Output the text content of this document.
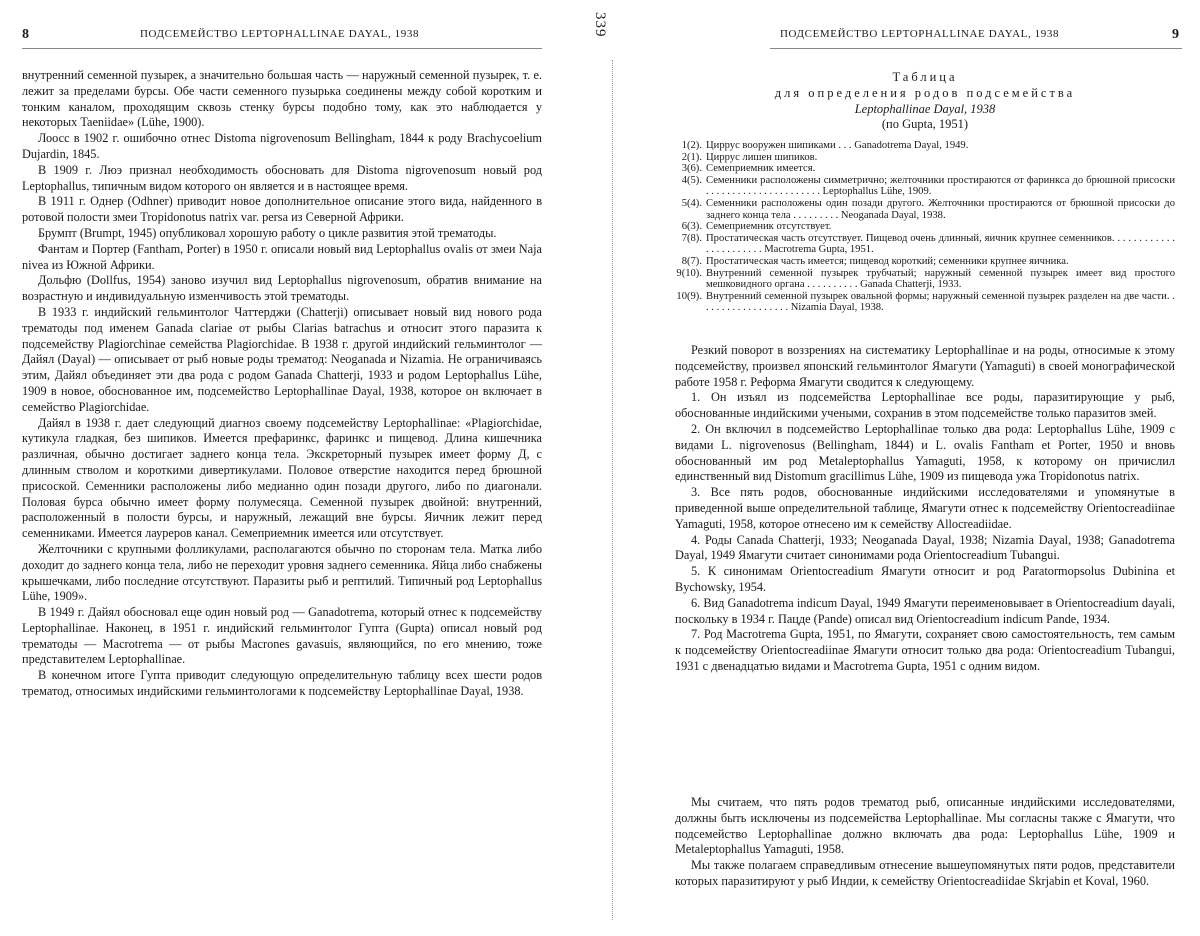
8	ПОДСЕМЕЙСТВО LEPTOPHALLINAE DAYAL, 1938

внутренний семенной пузырек, а значительно большая часть — наружный семенной пузырек, т. е. лежит за пределами бурсы. Обе части семенного пузырька соединены между собой коротким и тонким каналом, проходящим сквозь стенку бурсы подобно тому, как это наблюдается у некоторых Taeniidae» (Lühe, 1900).

Лоосс в 1902 г. ошибочно отнес Distoma nigrovenosum Bellingham, 1844 к роду Brachycoelium Dujardin, 1845.

В 1909 г. Люэ признал необходимость обосновать для Distoma nigrovenosum новый род Leptophallus, типичным видом которого он является и в настоящее время.

В 1911 г. Однер (Odhner) приводит новое дополнительное описание этого вида, найденного в ротовой полости змеи Tropidonotus natrix var. persa из Северной Африки.

Брумпт (Brumpt, 1945) опубликовал хорошую работу о цикле развития этой трематоды.

Фантам и Портер (Fantham, Porter) в 1950 г. описали новый вид Leptophallus ovalis от змеи Naja nivea из Южной Африки.

Дольфю (Dollfus, 1954) заново изучил вид Leptophallus nigrovenosum, обратив внимание на возрастную и индивидуальную изменчивость этой трематоды.

В 1933 г. индийский гельминтолог Чаттерджи (Chatterji) описывает новый вид нового рода трематоды под именем Ganada clariae от рыбы Clarias batrachus и относит этого паразита к подсемейству Plagiorchinae семейства Plagiorchidae. В 1938 г. другой индийский гельминтолог — Дайял (Dayal) — описывает от рыб новые роды трематод: Neoganada и Nizamia. Не ограничиваясь этим, Дайял объединяет эти два рода с родом Ganada Chatterji, 1933 и родом Leptophallus Lühe, 1909 в новое, обоснованное им, подсемейство Leptophallinae Dayal, 1938, которое он включает в семейство Plagiorchidae.

Дайял в 1938 г. дает следующий диагноз своему подсемейству Leptophallinae: «Plagiorchidae, кутикула гладкая, без шипиков. Имеется префаринкс, фаринкс и пищевод. Длина кишечника различная, обычно достигает заднего конца тела. Экскреторный пузырек имеет форму Д, с длинным стволом и короткими дивертикулами. Половое отверстие находится перед брюшной присоской. Семенники расположены либо медианно один позади другого, либо по диагонали. Половая бурса обычно имеет форму полумесяца. Семенной пузырек двойной: внутренний, расположенный в полости бурсы, и наружный, лежащий вне бурсы. Яичник лежит перед семенниками. Имеется лауреров канал. Семеприемник имеется или отсутствует.

Желточники с крупными фолликулами, располагаются обычно по сторонам тела. Матка либо доходит до заднего конца тела, либо не переходит уровня заднего семенника. Яйца либо снабжены крышечками, либо последние отсутствуют. Паразиты рыб и рептилий. Типичный род Leptophallus Lühe, 1909».

В 1949 г. Дайял обосновал еще один новый род — Ganadotrema, который отнес к подсемейству Leptophallinae. Наконец, в 1951 г. индийский гельминтолог Гупта (Gupta) описал новый род трематоды — Macrotrema — от рыбы Macrones gavasuis, являющийся, по его мнению, тоже представителем Leptophallinae.

В конечном итоге Гупта приводит следующую определительную таблицу всех шести родов трематод, относимых индийскими гельминтологами к подсемейству Leptophallinae Dayal, 1938.

339	ПОДСЕМЕЙСТВО LEPTOPHALLINAE DAYAL, 1938	9
Таблица
для определения родов подсемейства
Leptophallinae Dayal, 1938
(по Gupta, 1951)
1(2). Циррус вооружен шипиками . . . Ganadotrema Dayal, 1949.
2(1). Циррус лишен шипиков.
3(6). Семеприемник имеется.
4(5). Семенники расположены симметрично; желточники простираются от фаринкса до брюшной присоски . . . . . . . . . . . . . . . . . . . . . . Leptophallus Lühe, 1909.
5(4). Семенники расположены один позади другого. Желточники простираются от брюшной присоски до заднего конца тела . . . . . . . . . Neoganada Dayal, 1938.
6(3). Семеприемник отсутствует.
7(8). Простатическая часть отсутствует. Пищевод очень длинный, яичник крупнее семенников. . . . . . . . . . . . . . . . . . . . . . . Macrotrema Gupta, 1951.
8(7). Простатическая часть имеется; пищевод короткий; семенники крупнее яичника.
9(10). Внутренний семенной пузырек трубчатый; наружный семенной пузырек имеет вид простого мешковидного органа . . . . . . . . . . Ganada Chatterji, 1933.
10(9). Внутренний семенной пузырек овальной формы; наружный семенной пузырек разделен на две части. . . . . . . . . . . . . . . . . . Nizamia Dayal, 1938.

Резкий поворот в воззрениях на систематику Leptophallinae и на роды, относимые к этому подсемейству, произвел японский гельминтолог Ямагути (Yamaguti) в своей монографической работе 1958 г. Реформа Ямагути сводится к следующему.

1. Он изъял из подсемейства Leptophallinae все роды, паразитирующие у рыб, обоснованные индийскими учеными, сохранив в этом подсемействе только паразитов змей.

2. Он включил в подсемейство Leptophallinae только два рода: Leptophallus Lühe, 1909 с видами L. nigrovenosus (Bellingham, 1844) и L. ovalis Fantham et Porter, 1950 и вновь обоснованный им род Metaleptophallus Yamaguti, 1958, к которому он причислил единственный вид Distomum gracillimus Lühe, 1909 из пищевода ужа Tropidonotus natrix.

3. Все пять родов, обоснованные индийскими исследователями и упомянутые в приведенной выше определительной таблице, Ямагути отнес к подсемейству Orientocreadiinae Yamaguti, 1958, которое отнесено им к семейству Allocreadiidae.

4. Роды Canada Chatterji, 1933; Neoganada Dayal, 1938; Nizamia Dayal, 1938; Ganadotrema Dayal, 1949 Ямагути считает синонимами рода Orientocreadium Tubangui.

5. К синонимам Orientocreadium Ямагути относит и род Paratormopsolus Dubinina et Bychowsky, 1954.

6. Вид Ganadotrema indicum Dayal, 1949 Ямагути переименовывает в Orientocreadium dayali, поскольку в 1934 г. Пацде (Pande) описал вид Orientocreadium indicum Pande, 1934.

7. Род Macrotrema Gupta, 1951, по Ямагути, сохраняет свою самостоятельность, тем самым к подсемейству Orientocreadiinae Ямагути относит только два рода: Orientocreadium Tubangui, 1931 с двенадцатью видами и Macrotrema Gupta, 1951 с одним видом.

Мы считаем, что пять родов трематод рыб, описанные индийскими исследователями, должны быть исключены из подсемейства Leptophallinae. Мы согласны также с Ямагути, что подсемейство Leptophallinae должно включать два рода: Leptophallus Lühe, 1909 и Metaleptophallus Yamaguti, 1958.

Мы также полагаем справедливым отнесение вышеупомянутых пяти родов, представители которых паразитируют у рыб Индии, к семейству Orientocreadiidae Skrjabin et Koval, 1960.
